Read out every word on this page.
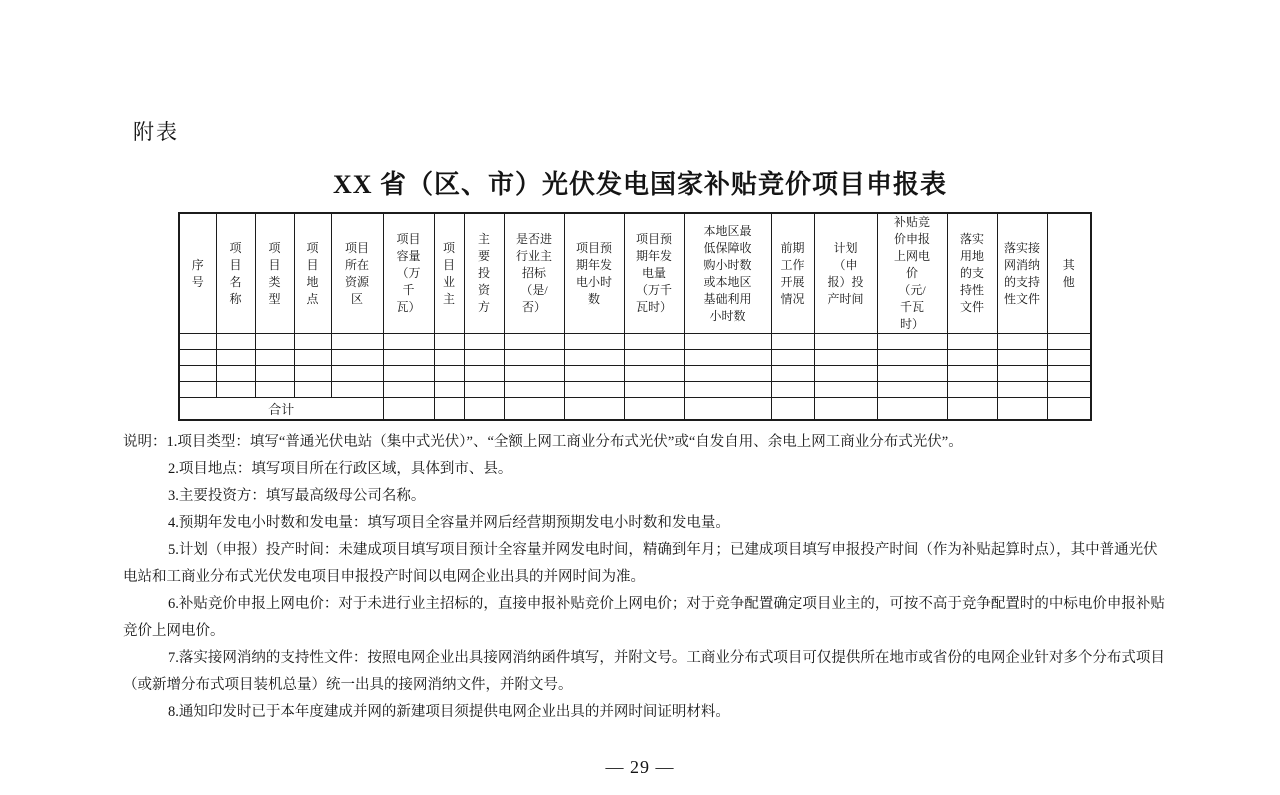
附表
XX 省（区、市）光伏发电国家补贴竞价项目申报表
序号	项目名称	项目类型	项目地点	项目所在资源区	项目容量（万千瓦）	项目业主	主要投资方	是否进行业主招标（是/否）	项目预期年发电小时数	项目预期年发电量（万千瓦时）	本地区最低保障收购小时数或本地区基础利用小时数	前期工作开展情况	计划（申报）投产时间	补贴竞价申报上网电价（元/千瓦时）	落实用地的支持性文件	落实接网消纳的支持性文件	其他

合计																	
说明：1.项目类型：填写“普通光伏电站（集中式光伏）”、“全额上网工商业分布式光伏”或“自发自用、余电上网工商业分布式光伏”。
2.项目地点：填写项目所在行政区域，具体到市、县。
3.主要投资方：填写最高级母公司名称。
4.预期年发电小时数和发电量：填写项目全容量并网后经营期预期发电小时数和发电量。
5.计划（申报）投产时间：未建成项目填写项目预计全容量并网发电时间，精确到年月；已建成项目填写申报投产时间（作为补贴起算时点），其中普通光伏
电站和工商业分布式光伏发电项目申报投产时间以电网企业出具的并网时间为准。
6.补贴竞价申报上网电价：对于未进行业主招标的，直接申报补贴竞价上网电价；对于竞争配置确定项目业主的，可按不高于竞争配置时的中标电价申报补贴
竞价上网电价。
7.落实接网消纳的支持性文件：按照电网企业出具接网消纳函件填写，并附文号。工商业分布式项目可仅提供所在地市或省份的电网企业针对多个分布式项目
（或新增分布式项目装机总量）统一出具的接网消纳文件，并附文号。
8.通知印发时已于本年度建成并网的新建项目须提供电网企业出具的并网时间证明材料。
— 29 —
